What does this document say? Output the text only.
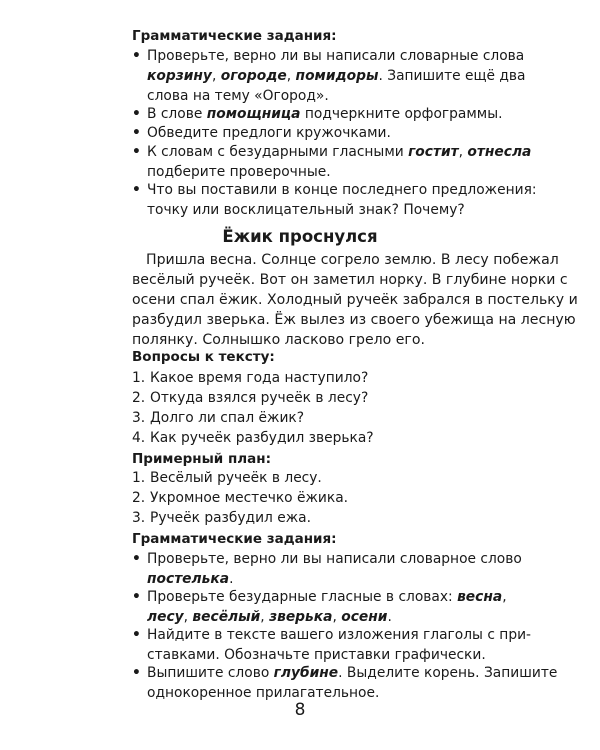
Грамматические задания:
• Проверьте, верно ли вы написали словарные слова
корзину, огороде, помидоры. Запишите ещё два
слова на тему «Огород».
• В слове помощница подчеркните орфограммы.
• Обведите предлоги кружочками.
• К словам с безударными гласными гостит, отнесла
подберите проверочные.
• Что вы поставили в конце последнего предложения:
точку или восклицательный знак? Почему?
Ёжик проснулся
Пришла весна. Солнце согрело землю. В лесу побежал
весёлый ручеёк. Вот он заметил норку. В глубине норки с
осени спал ёжик. Холодный ручеёк забрался в постельку и
разбудил зверька. Ёж вылез из своего убежища на лесную
полянку. Солнышко ласково грело его.
Вопросы к тексту:
1. Какое время года наступило?
2. Откуда взялся ручеёк в лесу?
3. Долго ли спал ёжик?
4. Как ручеёк разбудил зверька?
Примерный план:
1. Весёлый ручеёк в лесу.
2. Укромное местечко ёжика.
3. Ручеёк разбудил ежа.
Грамматические задания:
• Проверьте, верно ли вы написали словарное слово
постелька.
• Проверьте безударные гласные в словах: весна,
лесу, весёлый, зверька, осени.
• Найдите в тексте вашего изложения глаголы с при-
ставками. Обозначьте приставки графически.
• Выпишите слово глубине. Выделите корень. Запишите
однокоренное прилагательное.
8
